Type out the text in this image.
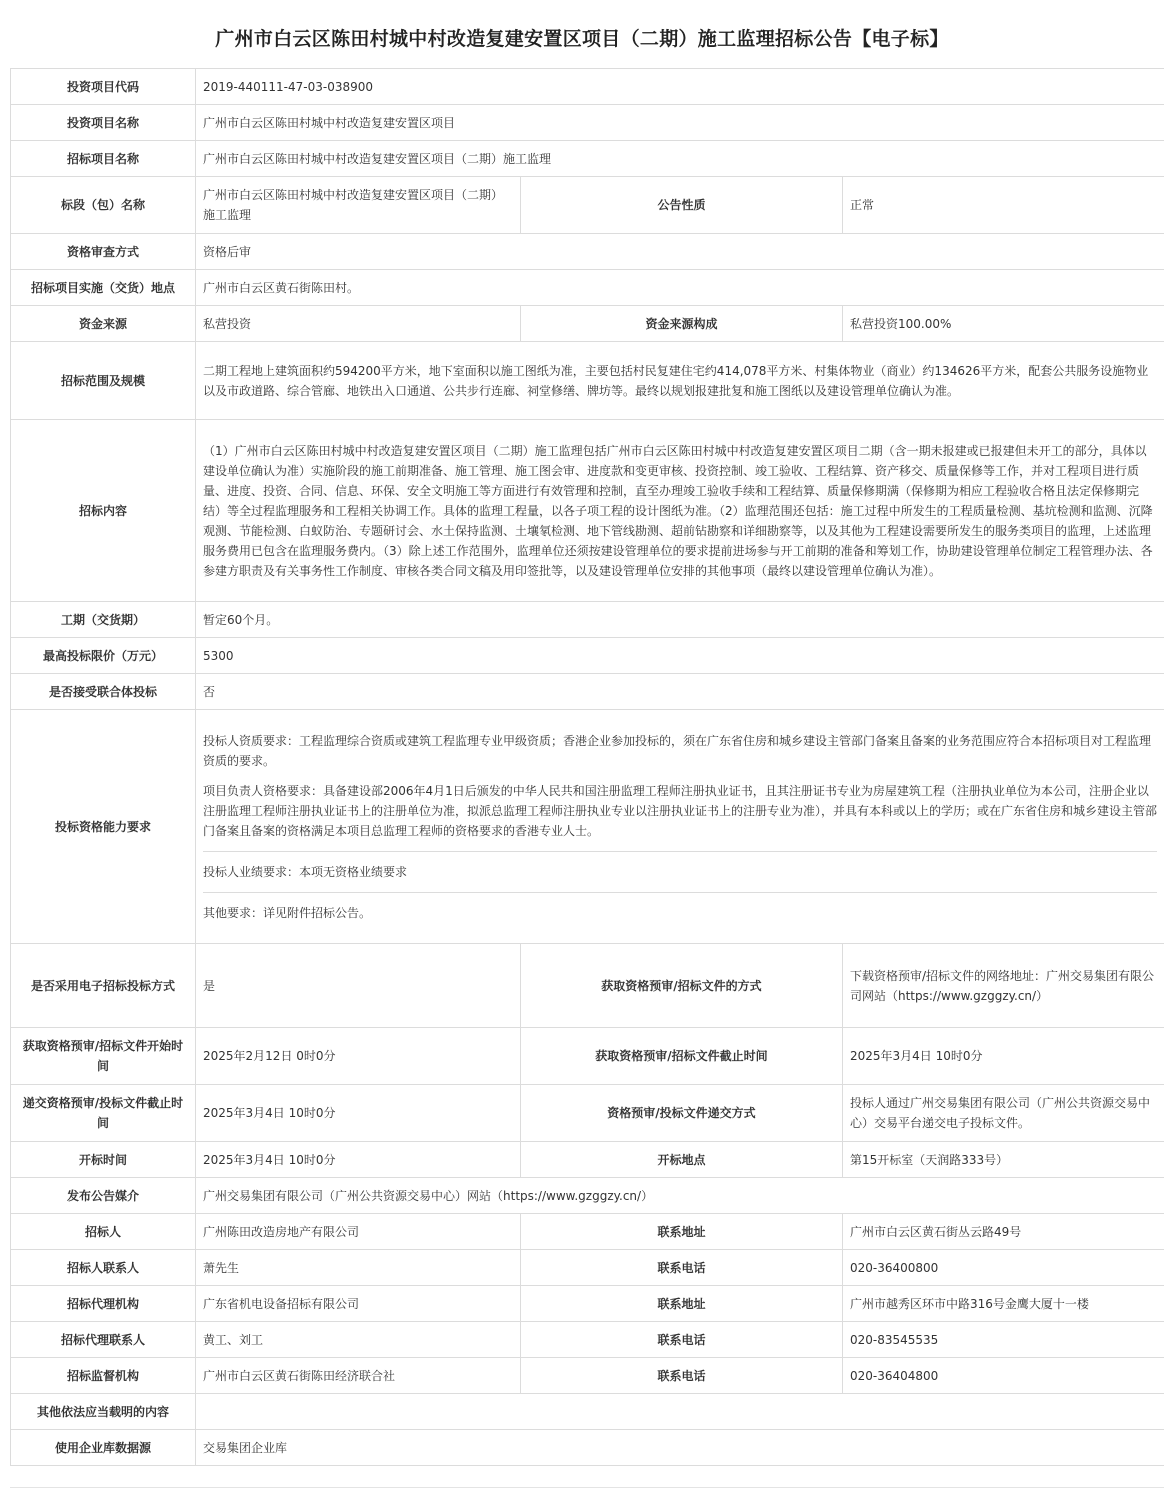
广州市白云区陈田村城中村改造复建安置区项目（二期）施工监理招标公告【电子标】
投资项目代码	2019-440111-47-03-038900		
投资项目名称	广州市白云区陈田村城中村改造复建安置区项目		
招标项目名称	广州市白云区陈田村城中村改造复建安置区项目（二期）施工监理		
标段（包）名称	广州市白云区陈田村城中村改造复建安置区项目（二期）施工监理	公告性质	正常
资格审查方式	资格后审		
招标项目实施（交货）地点	广州市白云区黄石街陈田村。		
资金来源	私营投资	资金来源构成	私营投资100.00%
招标范围及规模	二期工程地上建筑面积约594200平方米，地下室面积以施工图纸为准，主要包括村民复建住宅约414,078平方米、村集体物业（商业）约134626平方米，配套公共服务设施物业以及市政道路、综合管廊、地铁出入口通道、公共步行连廊、祠堂修缮、牌坊等。最终以规划报建批复和施工图纸以及建设管理单位确认为准。		
招标内容	（1）广州市白云区陈田村城中村改造复建安置区项目（二期）施工监理包括广州市白云区陈田村城中村改造复建安置区项目二期（含一期未报建或已报建但未开工的部分，具体以建设单位确认为准）实施阶段的施工前期准备、施工管理、施工图会审、进度款和变更审核、投资控制、竣工验收、工程结算、资产移交、质量保修等工作，并对工程项目进行质量、进度、投资、合同、信息、环保、安全文明施工等方面进行有效管理和控制，直至办理竣工验收手续和工程结算、质量保修期满（保修期为相应工程验收合格且法定保修期完结）等全过程监理服务和工程相关协调工作。具体的监理工程量，以各子项工程的设计图纸为准。（2）监理范围还包括：施工过程中所发生的工程质量检测、基坑检测和监测、沉降观测、节能检测、白蚁防治、专题研讨会、水土保持监测、土壤氡检测、地下管线勘测、超前钻勘察和详细勘察等，以及其他为工程建设需要所发生的服务类项目的监理，上述监理服务费用已包含在监理服务费内。（3）除上述工作范围外，监理单位还须按建设管理单位的要求提前进场参与开工前期的准备和筹划工作，协助建设管理单位制定工程管理办法、各参建方职责及有关事务性工作制度、审核各类合同文稿及用印签批等，以及建设管理单位安排的其他事项（最终以建设管理单位确认为准）。		
工期（交货期）	暂定60个月。		
最高投标限价（万元）	5300		
是否接受联合体投标	否		
投标资格能力要求	投标人资质要求：工程监理综合资质或建筑工程监理专业甲级资质；香港企业参加投标的，须在广东省住房和城乡建设主管部门备案且备案的业务范围应符合本招标项目对工程监理资质的要求。

项目负责人资格要求：具备建设部2006年4月1日后颁发的中华人民共和国注册监理工程师注册执业证书，且其注册证书专业为房屋建筑工程（注册执业单位为本公司，注册企业以注册监理工程师注册执业证书上的注册单位为准，拟派总监理工程师注册执业专业以注册执业证书上的注册专业为准），并具有本科或以上的学历；或在广东省住房和城乡建设主管部门备案且备案的资格满足本项目总监理工程师的资格要求的香港专业人士。

投标人业绩要求：本项无资格业绩要求
其他要求：详见附件招标公告。		

是否采用电子招标投标方式	是	获取资格预审/招标文件的方式	下载资格预审/招标文件的网络地址：广州交易集团有限公司网站（https://www.gzggzy.cn/）
获取资格预审/招标文件开始时间	2025年2月12日 0时0分	获取资格预审/招标文件截止时间	2025年3月4日 10时0分
递交资格预审/投标文件截止时间	2025年3月4日 10时0分	资格预审/投标文件递交方式	投标人通过广州交易集团有限公司（广州公共资源交易中心）交易平台递交电子投标文件。
开标时间	2025年3月4日 10时0分	开标地点	第15开标室（天润路333号）
发布公告媒介	广州交易集团有限公司（广州公共资源交易中心）网站（https://www.gzggzy.cn/）		
招标人	广州陈田改造房地产有限公司	联系地址	广州市白云区黄石街丛云路49号
招标人联系人	萧先生	联系电话	020-36400800
招标代理机构	广东省机电设备招标有限公司	联系地址	广州市越秀区环市中路316号金鹰大厦十一楼
招标代理联系人	黄工、刘工	联系电话	020-83545535
招标监督机构	广州市白云区黄石街陈田经济联合社	联系电话	020-36404800
其他依法应当载明的内容			
使用企业库数据源	交易集团企业库		
